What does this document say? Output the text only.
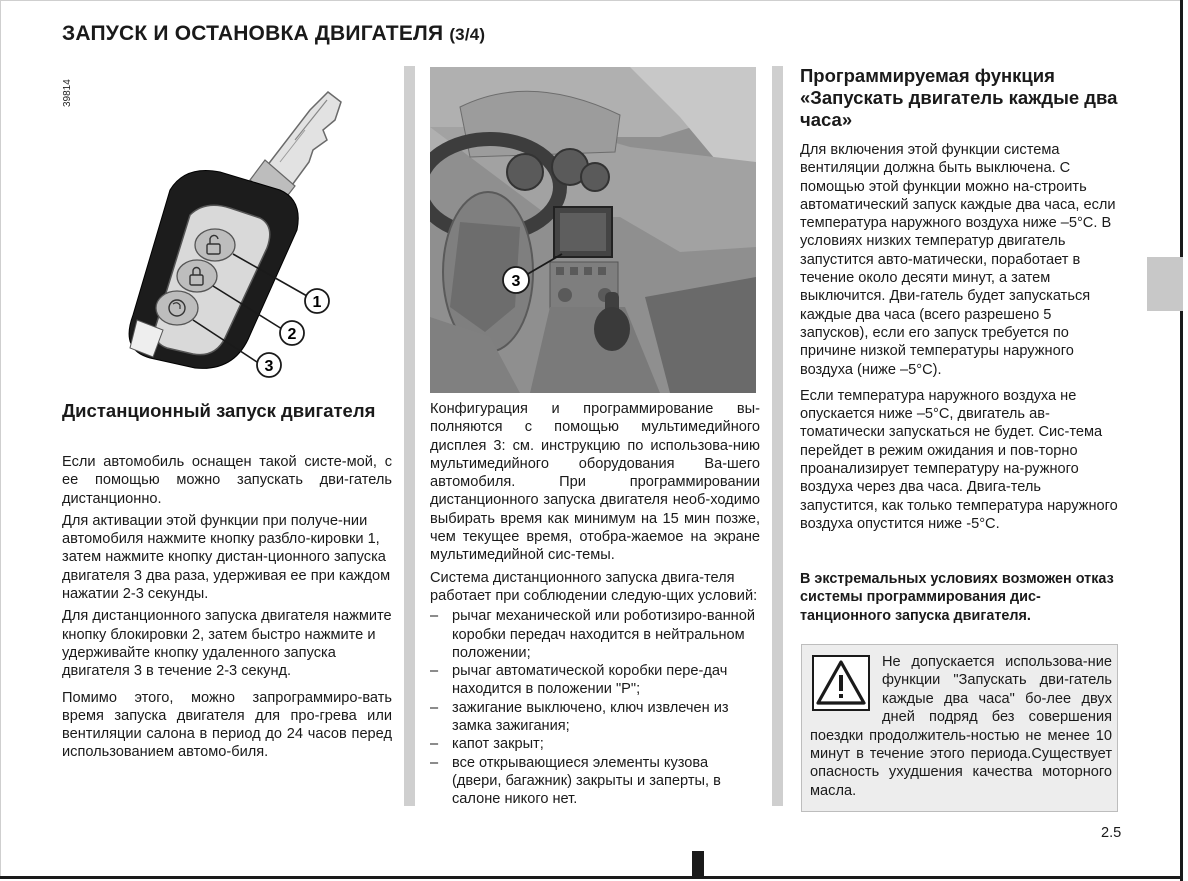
ЗАПУСК И ОСТАНОВКА ДВИГАТЕЛЯ (3/4)
39814
1
2
3
Дистанционный запуск двигателя

Если автомобиль оснащен такой систе-мой, с ее помощью можно запускать дви-гатель дистанционно.

Для активации этой функции при получе-нии автомобиля нажмите кнопку разбло-кировки 1, затем нажмите кнопку дистан-ционного запуска двигателя 3 два раза, удерживая ее при каждом нажатии 2-3 секунды.

Для дистанционного запуска двигателя нажмите кнопку блокировки 2, затем быстро нажмите и удерживайте кнопку удаленного запуска двигателя 3 в течение 2-3 секунд.

Помимо этого, можно запрограммиро-вать время запуска двигателя для про-грева или вентиляции салона в период до 24 часов перед использованием автомо-биля.

3

Конфигурация и программирование вы-полняются с помощью мультимедийного дисплея 3: см. инструкцию по использова-нию мультимедийного оборудования Ва-шего автомобиля. При программировании дистанционного запуска двигателя необ-ходимо выбирать время как минимум на 15 мин позже, чем текущее время, отобра-жаемое на экране мультимедийной сис-темы.

Система дистанционного запуска двига-теля работает при соблюдении следую-щих условий:

– рычаг механической или роботизиро-ванной коробки передач находится в нейтральном положении;
– рычаг автоматической коробки пере-дач находится в положении "P";
– зажигание выключено, ключ извлечен из замка зажигания;
– капот закрыт;
– все открывающиеся элементы кузова (двери, багажник) закрыты и заперты, в салоне никого нет.
Программируемая функция «Запускать двигатель каждые два часа»

Для включения этой функции система вентиляции должна быть выключена. С помощью этой функции можно на-строить автоматический запуск каждые два часа, если температура наружного воздуха ниже –5°C. В условиях низких температур двигатель запустится авто-матически, поработает в течение около десяти минут, а затем выключится. Дви-гатель будет запускаться каждые два часа (всего разрешено 5 запусков), если его запуск требуется по причине низкой температуры наружного воздуха (ниже –5°C).

Если температура наружного воздуха не опускается ниже –5°C, двигатель ав-томатически запускаться не будет. Сис-тема перейдет в режим ожидания и пов-торно проанализирует температуру на-ружного воздуха через два часа. Двига-тель запустится, как только температура наружного воздуха опустится ниже -5°C.

В экстремальных условиях возможен отказ системы программирования дис-танционного запуска двигателя.

Не допускается использова-ние функции "Запускать дви-гатель каждые два часа" бо-лее двух дней подряд без совершения поездки продолжитель-ностью не менее 10 минут в течение этого периода.Существует опасность ухудшения качества моторного масла.
2.5
